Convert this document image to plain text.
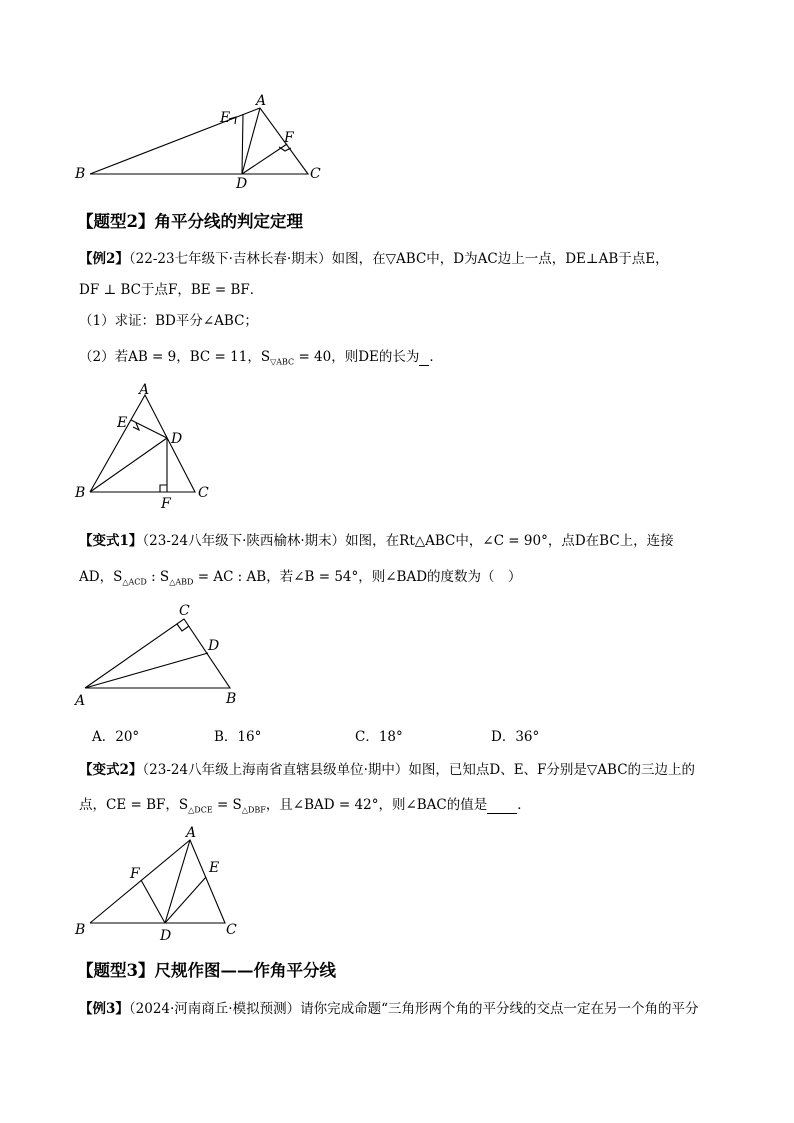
B
A
C
D
E
F
【题型2】角平分线的判定定理
【例2】（22-23七年级下·吉林长春·期末）如图，在▽ABC中，D为AC边上一点，DE⊥AB于点E，
DF ⊥ BC于点F，BE = BF．
（1）求证：BD平分∠ABC；
（2）若AB = 9，BC = 11，$S_{▽ABC} = 40$，则DE的长为 ．
A
E
D
B
F
C
【变式1】（23-24八年级下·陕西榆林·期末）如图，在Rt△ABC中，∠C = 90°，点D在BC上，连接
AD，$S_{\triangle ACD}$ : $S_{\triangle ABD}$ = AC : AB，若∠B = 54°，则∠BAD的度数为（　）
C
D
A	B
A．20°	B．16°	C．18°	D．36°
【变式2】（23-24八年级上海南省直辖县级单位·期中）如图，已知点D、E、F分别是▽ABC的三边上的
点，CE = BF，$S_{\triangle DCE} = S_{\triangle DBF}$，且∠BAD = 42°，则∠BAC的值是 ．
A
E
F
B	D	C
【题型3】尺规作图——作角平分线
【例3】（2024·河南商丘·模拟预测）请你完成命题“三角形两个角的平分线的交点一定在另一个角的平分
